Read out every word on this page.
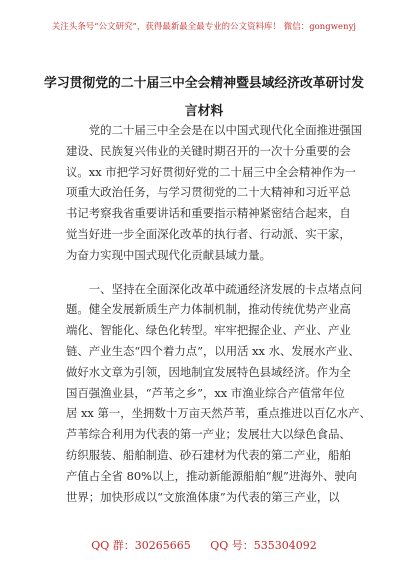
关注头条号“公文研究”，获得最新最全最专业的公文资料库！ 微信：gongwenyj
学习贯彻党的二十届三中全会精神暨县域经济改革研讨发
言材料
　　党的二十届三中全会是在以中国式现代化全面推进强国
建设、民族复兴伟业的关键时期召开的一次十分重要的会
议。xx 市把学习好贯彻好党的二十届三中全会精神作为一
项重大政治任务，与学习贯彻党的二十大精神和习近平总
书记考察我省重要讲话和重要指示精神紧密结合起来，自
觉当好进一步全面深化改革的执行者、行动派、实干家，
为奋力实现中国式现代化贡献县域力量。
　　一、坚持在全面深化改革中疏通经济发展的卡点堵点问
题。健全发展新质生产力体制机制，推动传统优势产业高
端化、智能化、绿色化转型。牢牢把握企业、产业、产业
链、产业生态“四个着力点”，以用活 xx 水、发展水产业、
做好水文章为引领，因地制宜发展特色县域经济。作为全
国百强渔业县，“芦苇之乡”，xx 市渔业综合产值常年位
居 xx 第一，坐拥数十万亩天然芦苇，重点推进以百亿水产、
芦苇综合利用为代表的第一产业；发展壮大以绿色食品、
纺织服装、船舶制造、砂石建材为代表的第二产业，船舶
产值占全省 80%以上，推动新能源船舶“舰”进海外、驶向
世界；加快形成以“文旅渔体康”为代表的第三产业，以
QQ 群：30265665 QQ 号：535304092
